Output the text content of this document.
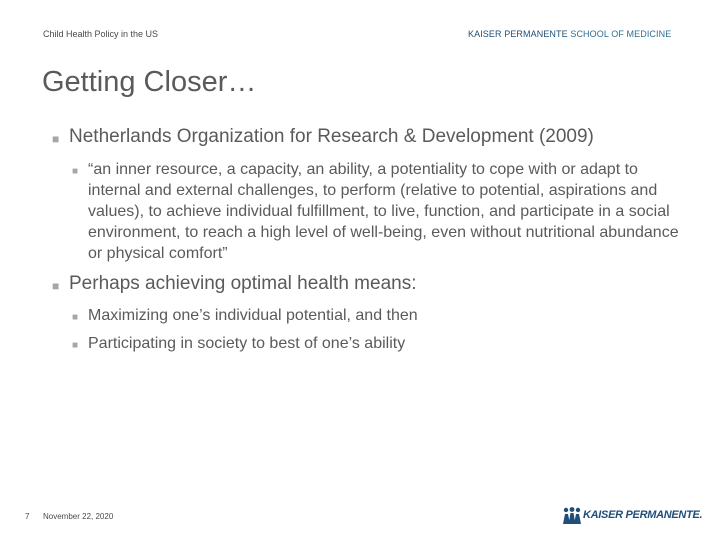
Child Health Policy in the US	KAISER PERMANENTE SCHOOL OF MEDICINE
Getting Closer…
■ Netherlands Organization for Research & Development (2009)
■ “an inner resource, a capacity, an ability, a potentiality to cope with or adapt to internal and external challenges, to perform (relative to potential, aspirations and values), to achieve individual fulfillment, to live, function, and participate in a social environment, to reach a high level of well-being, even without nutritional abundance or physical comfort”
■ Perhaps achieving optimal health means:
■ Maximizing one’s individual potential, and then
■ Participating in society to best of one’s ability
7 November 22, 2020	KAISER PERMANENTE.
